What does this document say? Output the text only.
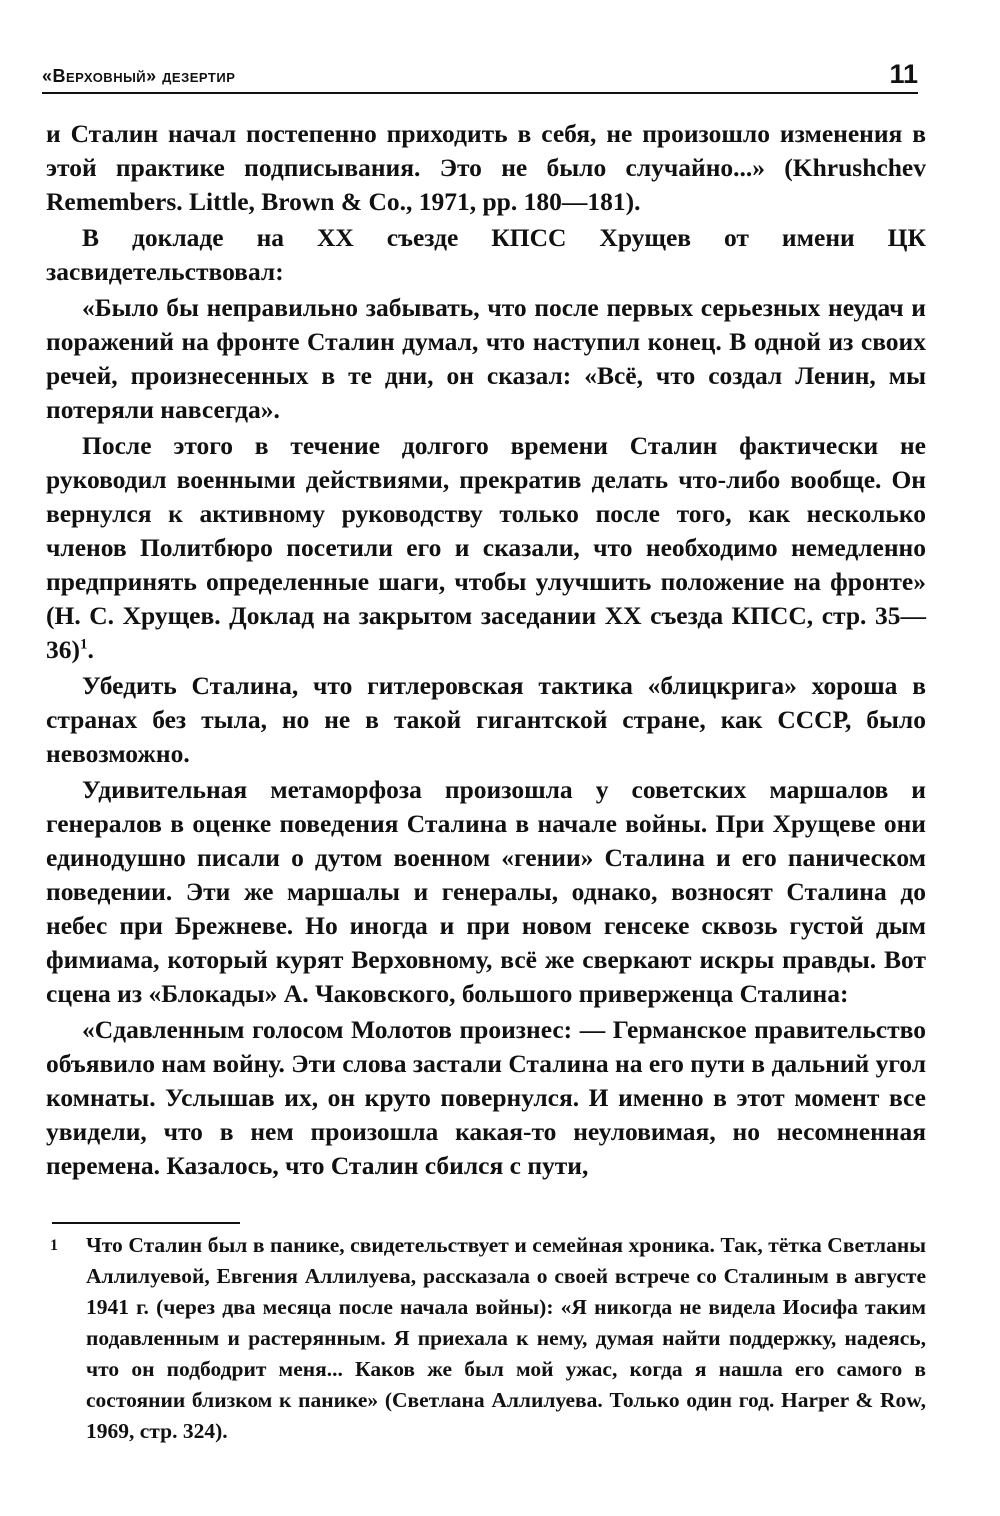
«Верховный» дезертир	11

и Сталин начал постепенно приходить в себя, не произошло изменения в этой практике подписывания. Это не было случайно...» (Khrushchev Remembers. Little, Brown & Co., 1971, pp. 180—181).

В докладе на XX съезде КПСС Хрущев от имени ЦК засвидетельствовал:

«Было бы неправильно забывать, что после первых серьезных неудач и поражений на фронте Сталин думал, что наступил конец. В одной из своих речей, произнесенных в те дни, он сказал: «Всё, что создал Ленин, мы потеряли навсегда».

После этого в течение долгого времени Сталин фактически не руководил военными действиями, прекратив делать что-либо вообще. Он вернулся к активному руководству только после того, как несколько членов Политбюро посетили его и сказали, что необходимо немедленно предпринять определенные шаги, чтобы улучшить положение на фронте» (Н. С. Хрущев. Доклад на закрытом заседании XX съезда КПСС, стр. 35—36)$^1$.

Убедить Сталина, что гитлеровская тактика «блицкрига» хороша в странах без тыла, но не в такой гигантской стране, как СССР, было невозможно.

Удивительная метаморфоза произошла у советских маршалов и генералов в оценке поведения Сталина в начале войны. При Хрущеве они единодушно писали о дутом военном «гении» Сталина и его паническом поведении. Эти же маршалы и генералы, однако, возносят Сталина до небес при Брежневе. Но иногда и при новом генсеке сквозь густой дым фимиама, который курят Верховному, всё же сверкают искры правды. Вот сцена из «Блокады» А. Чаковского, большого приверженца Сталина:

«Сдавленным голосом Молотов произнес: — Германское правительство объявило нам войну. Эти слова застали Сталина на его пути в дальний угол комнаты. Услышав их, он круто повернулся. И именно в этот момент все увидели, что в нем произошла какая-то неуловимая, но несомненная перемена. Казалось, что Сталин сбился с пути,

1 Что Сталин был в панике, свидетельствует и семейная хроника. Так, тётка Светланы Аллилуевой, Евгения Аллилуева, рассказала о своей встрече со Сталиным в августе 1941 г. (через два месяца после начала войны): «Я никогда не видела Иосифа таким подавленным и растерянным. Я приехала к нему, думая найти поддержку, надеясь, что он подбодрит меня... Каков же был мой ужас, когда я нашла его самого в состоянии близком к панике» (Светлана Аллилуева. Только один год. Harper & Row, 1969, стр. 324).
